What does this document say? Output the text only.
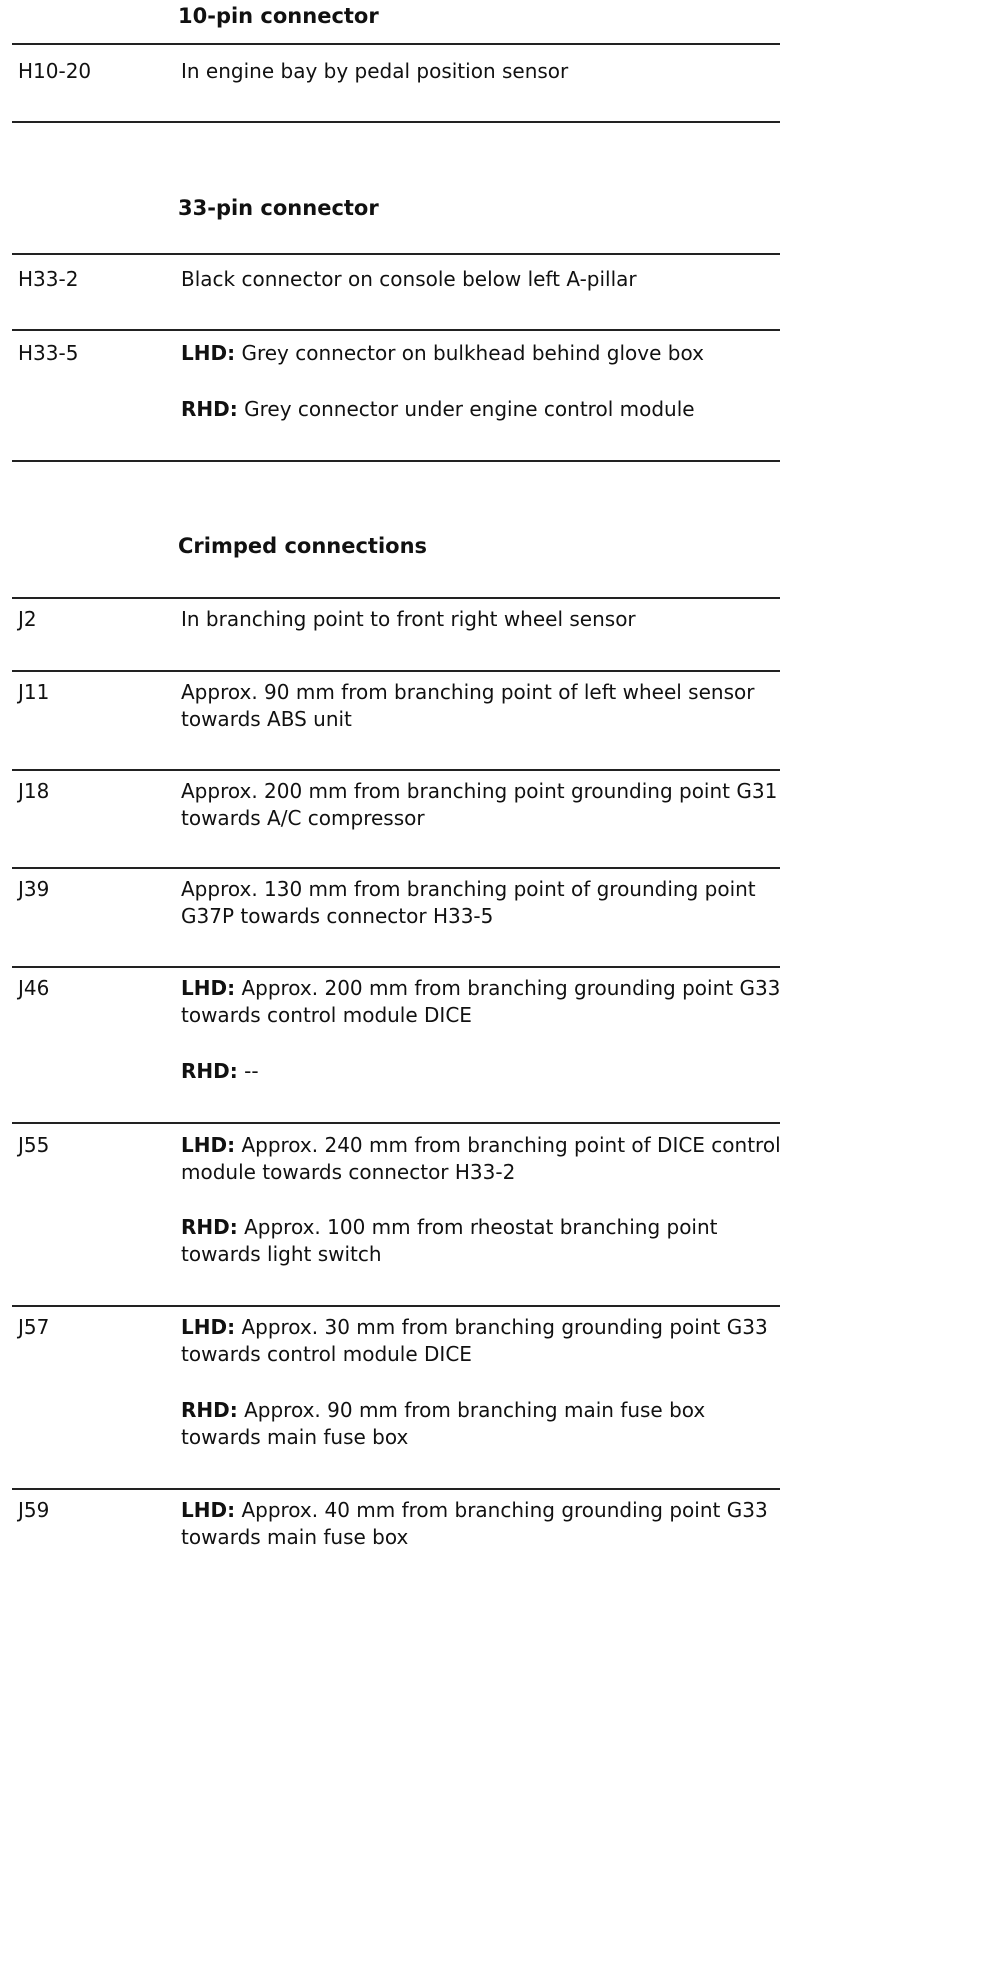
10-pin connector
H10-20	In engine bay by pedal position sensor
33-pin connector
H33-2	Black connector on console below left A-pillar
H33-5	LHD: Grey connector on bulkhead behind glove box
RHD: Grey connector under engine control module
Crimped connections
J2	In branching point to front right wheel sensor
J11	Approx. 90 mm from branching point of left wheel sensor towards ABS unit
J18	Approx. 200 mm from branching point grounding point G31 towards A/C compressor
J39	Approx. 130 mm from branching point of grounding point G37P towards connector H33-5
J46	LHD: Approx. 200 mm from branching grounding point G33 towards control module DICE
RHD: --
J55	LHD: Approx. 240 mm from branching point of DICE control module towards connector H33-2
RHD: Approx. 100 mm from rheostat branching point towards light switch
J57	LHD: Approx. 30 mm from branching grounding point G33 towards control module DICE
RHD: Approx. 90 mm from branching main fuse box towards main fuse box
J59	LHD: Approx. 40 mm from branching grounding point G33 towards main fuse box
